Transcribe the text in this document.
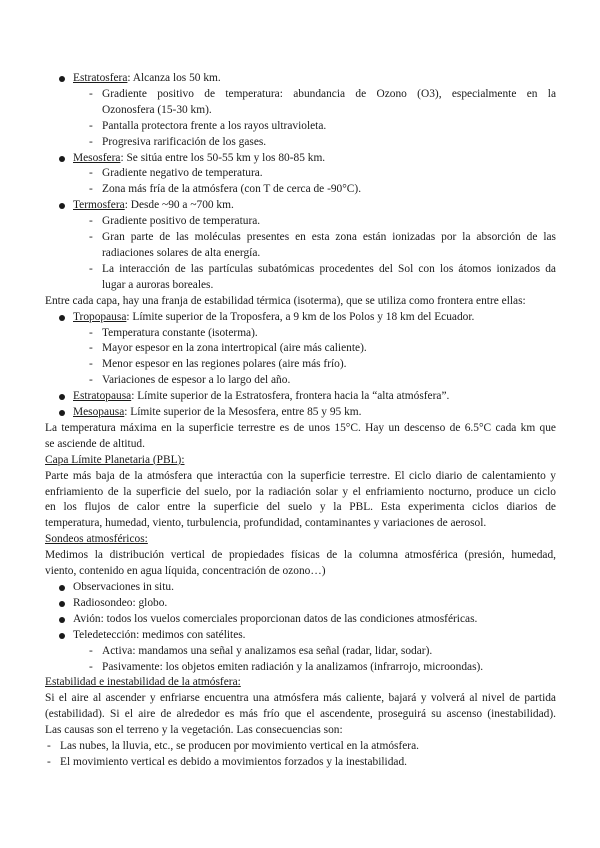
Estratosfera: Alcanza los 50 km.
- Gradiente positivo de temperatura: abundancia de Ozono (O3), especialmente en la
Ozonosfera (15-30 km).
- Pantalla protectora frente a los rayos ultravioleta.
- Progresiva rarificación de los gases.
Mesosfera: Se sitúa entre los 50-55 km y los 80-85 km.
- Gradiente negativo de temperatura.
- Zona más fría de la atmósfera (con T de cerca de -90°C).
Termosfera: Desde ~90 a ~700 km.
- Gradiente positivo de temperatura.
- Gran parte de las moléculas presentes en esta zona están ionizadas por la absorción de las
radiaciones solares de alta energía.
- La interacción de las partículas subatómicas procedentes del Sol con los átomos ionizados da
lugar a auroras boreales.
Entre cada capa, hay una franja de estabilidad térmica (isoterma), que se utiliza como frontera entre ellas:
Tropopausa: Límite superior de la Troposfera, a 9 km de los Polos y 18 km del Ecuador.
- Temperatura constante (isoterma).
- Mayor espesor en la zona intertropical (aire más caliente).
- Menor espesor en las regiones polares (aire más frío).
- Variaciones de espesor a lo largo del año.
Estratopausa: Límite superior de la Estratosfera, frontera hacia la “alta atmósfera”.
Mesopausa: Límite superior de la Mesosfera, entre 85 y 95 km.
La temperatura máxima en la superficie terrestre es de unos 15°C. Hay un descenso de 6.5°C cada km que
se asciende de altitud.
Capa Límite Planetaria (PBL):
Parte más baja de la atmósfera que interactúa con la superficie terrestre. El ciclo diario de calentamiento y
enfriamiento de la superficie del suelo, por la radiación solar y el enfriamiento nocturno, produce un ciclo
en los flujos de calor entre la superficie del suelo y la PBL. Esta experimenta ciclos diarios de
temperatura, humedad, viento, turbulencia, profundidad, contaminantes y variaciones de aerosol.
Sondeos atmosféricos:
Medimos la distribución vertical de propiedades físicas de la columna atmosférica (presión, humedad,
viento, contenido en agua líquida, concentración de ozono…)
Observaciones in situ.
Radiosondeo: globo.
Avión: todos los vuelos comerciales proporcionan datos de las condiciones atmosféricas.
Teledetección: medimos con satélites.
- Activa: mandamos una señal y analizamos esa señal (radar, lidar, sodar).
- Pasivamente: los objetos emiten radiación y la analizamos (infrarrojo, microondas).
Estabilidad e inestabilidad de la atmósfera:
Si el aire al ascender y enfriarse encuentra una atmósfera más caliente, bajará y volverá al nivel de partida
(estabilidad). Si el aire de alrededor es más frío que el ascendente, proseguirá su ascenso (inestabilidad).
Las causas son el terreno y la vegetación. Las consecuencias son:
- Las nubes, la lluvia, etc., se producen por movimiento vertical en la atmósfera.
- El movimiento vertical es debido a movimientos forzados y la inestabilidad.
